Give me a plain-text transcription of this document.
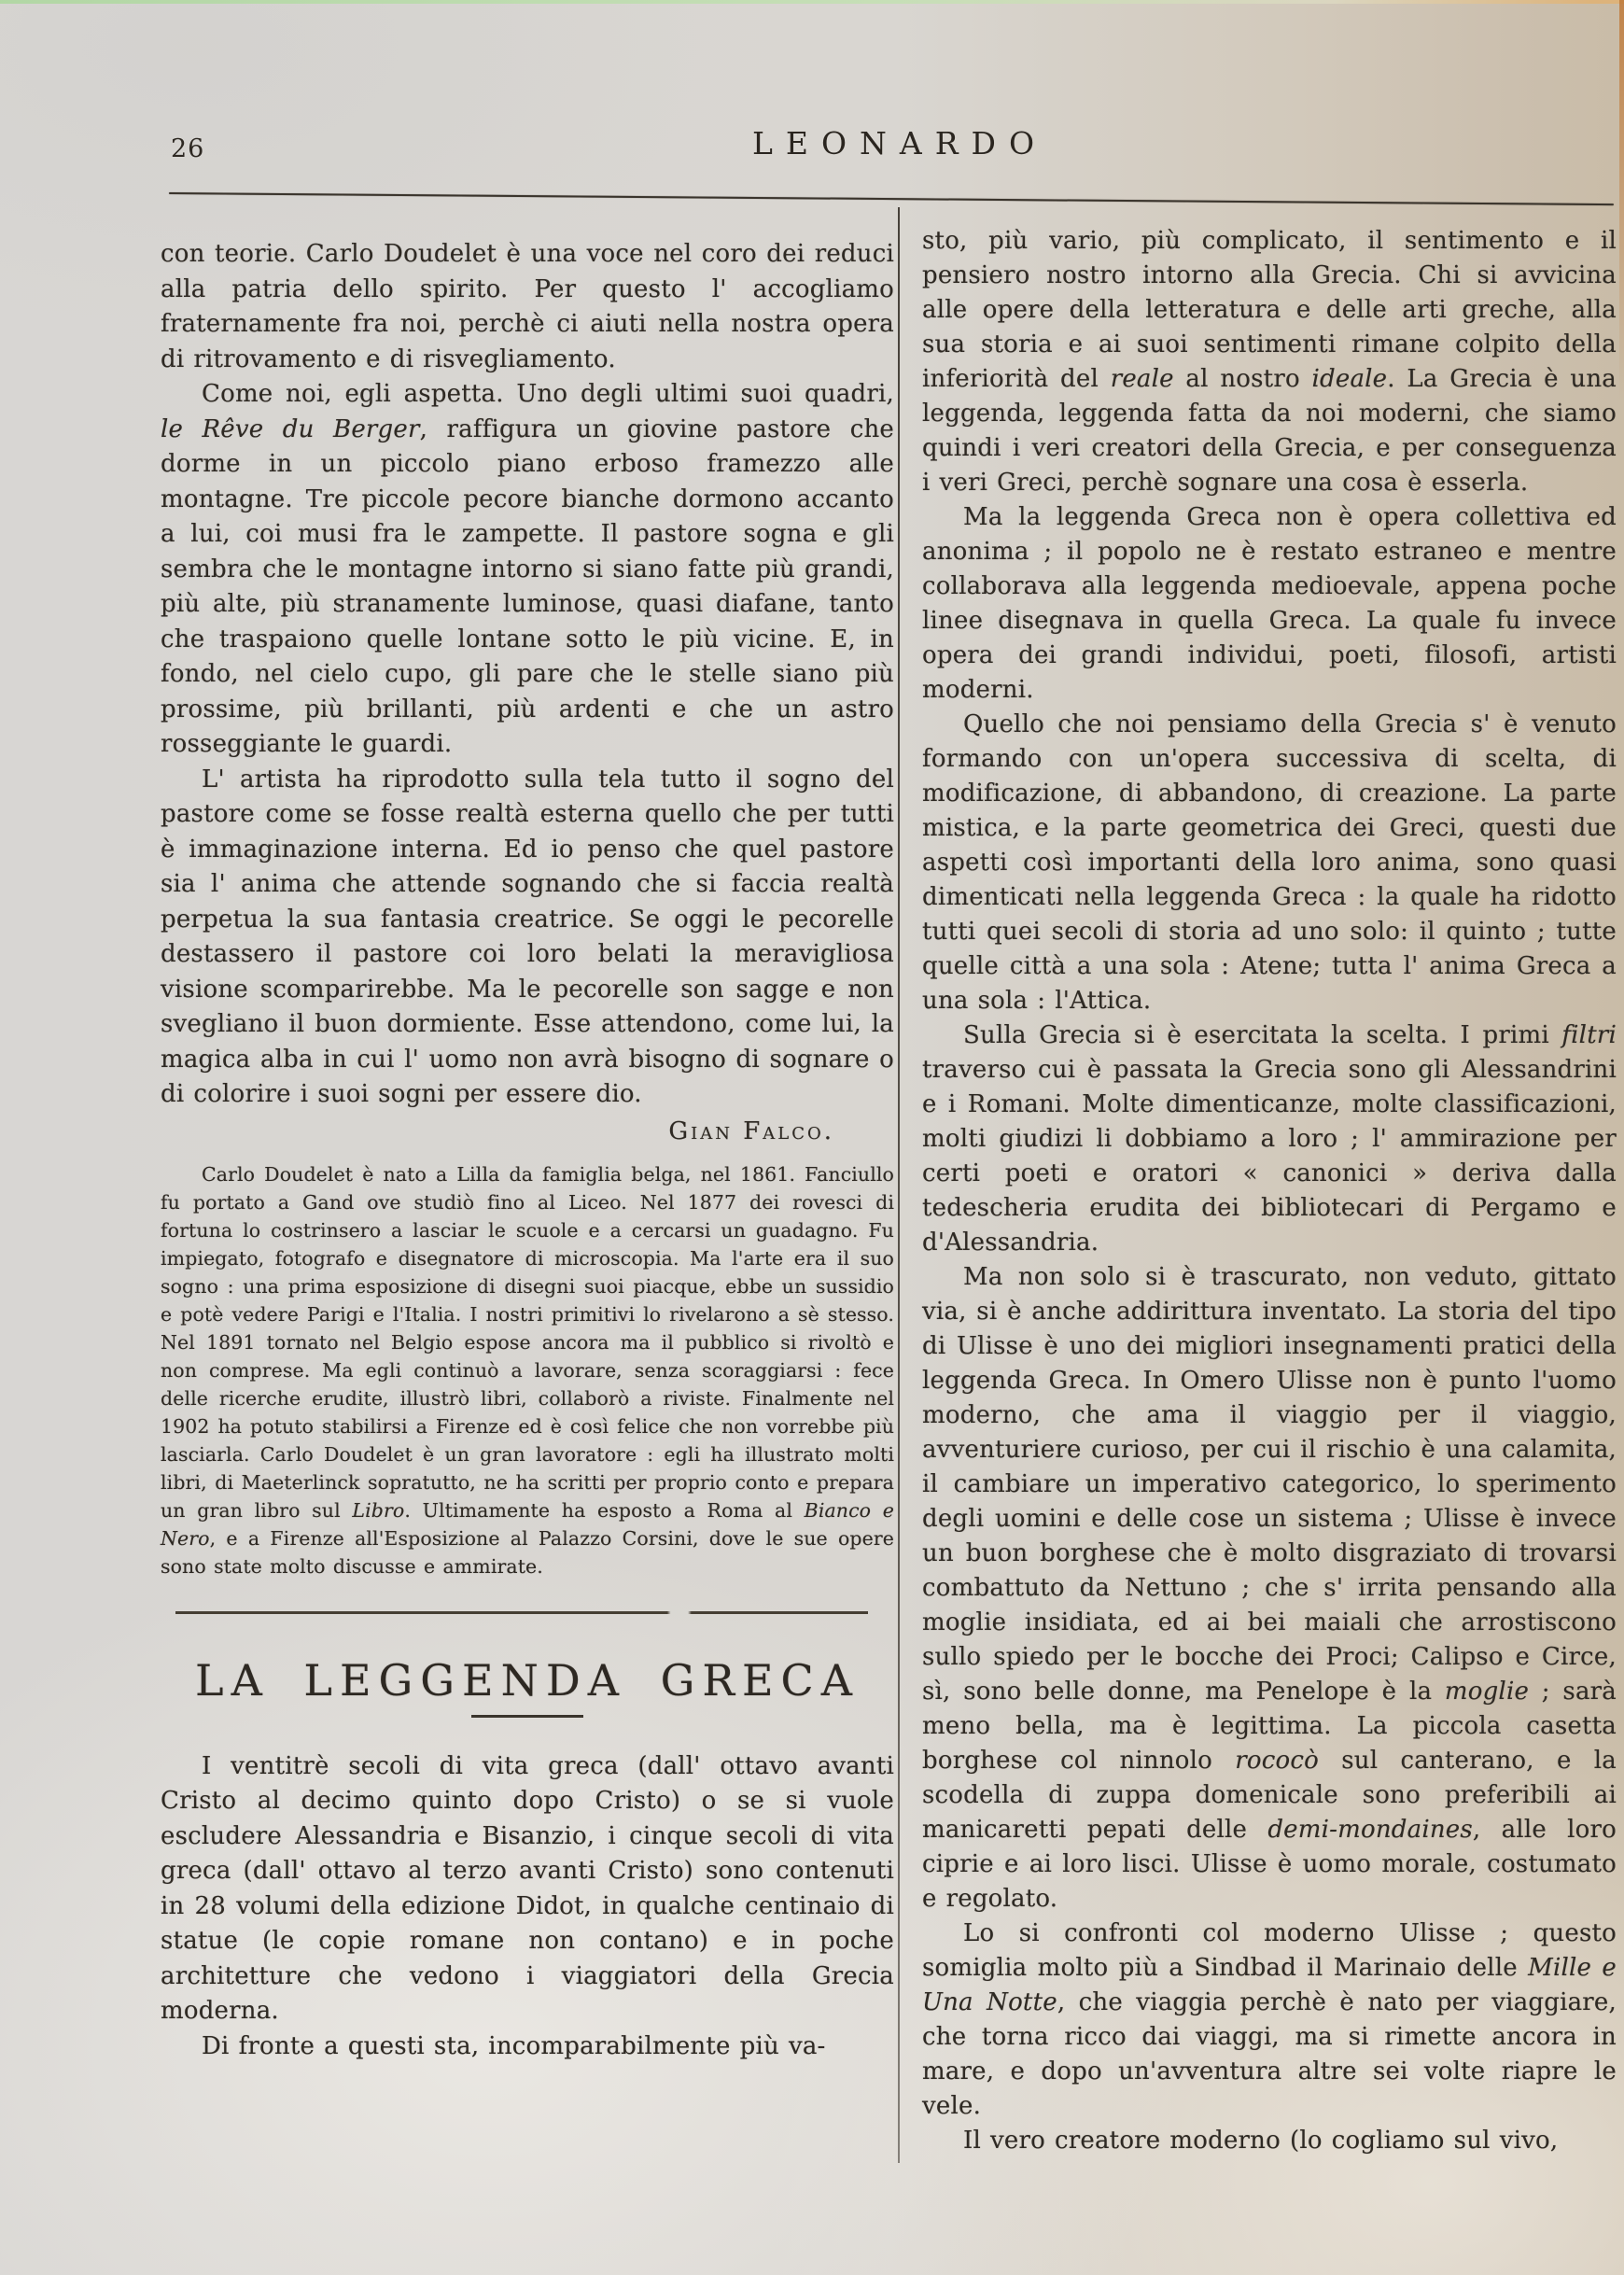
26	LEONARDO

con teorie. Carlo Doudelet è una voce nel coro dei reduci alla patria dello spirito. Per questo l' accogliamo fraternamente fra noi, perchè ci aiuti nella nostra opera di ritrovamento e di risvegliamento.

Come noi, egli aspetta. Uno degli ultimi suoi quadri, le Rêve du Berger, raffigura un giovine pastore che dorme in un piccolo piano erboso framezzo alle montagne. Tre piccole pecore bianche dormono accanto a lui, coi musi fra le zampette. Il pastore sogna e gli sembra che le montagne intorno si siano fatte più grandi, più alte, più stranamente luminose, quasi diafane, tanto che traspaiono quelle lontane sotto le più vicine. E, in fondo, nel cielo cupo, gli pare che le stelle siano più prossime, più brillanti, più ardenti e che un astro rosseggiante le guardi.

L' artista ha riprodotto sulla tela tutto il sogno del pastore come se fosse realtà esterna quello che per tutti è immaginazione interna. Ed io penso che quel pastore sia l' anima che attende sognando che si faccia realtà perpetua la sua fantasia creatrice. Se oggi le pecorelle destassero il pastore coi loro belati la meravigliosa visione scomparirebbe. Ma le pecorelle son sagge e non svegliano il buon dormiente. Esse attendono, come lui, la magica alba in cui l' uomo non avrà bisogno di sognare o di colorire i suoi sogni per essere dio.

Gian Falco.

Carlo Doudelet è nato a Lilla da famiglia belga, nel 1861. Fanciullo fu portato a Gand ove studiò fino al Liceo. Nel 1877 dei rovesci di fortuna lo costrinsero a lasciar le scuole e a cercarsi un guadagno. Fu impiegato, fotografo e disegnatore di microscopia. Ma l'arte era il suo sogno : una prima esposizione di disegni suoi piacque, ebbe un sussidio e potè vedere Parigi e l'Italia. I nostri primitivi lo rivelarono a sè stesso. Nel 1891 tornato nel Belgio espose ancora ma il pubblico si rivoltò e non comprese. Ma egli continuò a lavorare, senza scoraggiarsi : fece delle ricerche erudite, illustrò libri, collaborò a riviste. Finalmente nel 1902 ha potuto stabilirsi a Firenze ed è così felice che non vorrebbe più lasciarla. Carlo Doudelet è un gran lavoratore : egli ha illustrato molti libri, di Maeterlinck sopratutto, ne ha scritti per proprio conto e prepara un gran libro sul Libro. Ultimamente ha esposto a Roma al Bianco e Nero, e a Firenze all'Esposizione al Palazzo Corsini, dove le sue opere sono state molto discusse e ammirate.

LA LEGGENDA GRECA

I ventitrè secoli di vita greca (dall' ottavo avanti Cristo al decimo quinto dopo Cristo) o se si vuole escludere Alessandria e Bisanzio, i cinque secoli di vita greca (dall' ottavo al terzo avanti Cristo) sono contenuti in 28 volumi della edizione Didot, in qualche centinaio di statue (le copie romane non contano) e in poche architetture che vedono i viaggiatori della Grecia moderna.

Di fronte a questi sta, incomparabilmente più va-

sto, più vario, più complicato, il sentimento e il pensiero nostro intorno alla Grecia. Chi si avvicina alle opere della letteratura e delle arti greche, alla sua storia e ai suoi sentimenti rimane colpito della inferiorità del reale al nostro ideale. La Grecia è una leggenda, leggenda fatta da noi moderni, che siamo quindi i veri creatori della Grecia, e per conseguenza i veri Greci, perchè sognare una cosa è esserla.

Ma la leggenda Greca non è opera collettiva ed anonima ; il popolo ne è restato estraneo e mentre collaborava alla leggenda medioevale, appena poche linee disegnava in quella Greca. La quale fu invece opera dei grandi individui, poeti, filosofi, artisti moderni.

Quello che noi pensiamo della Grecia s' è venuto formando con un'opera successiva di scelta, di modificazione, di abbandono, di creazione. La parte mistica, e la parte geometrica dei Greci, questi due aspetti così importanti della loro anima, sono quasi dimenticati nella leggenda Greca : la quale ha ridotto tutti quei secoli di storia ad uno solo: il quinto ; tutte quelle città a una sola : Atene; tutta l' anima Greca a una sola : l'Attica.

Sulla Grecia si è esercitata la scelta. I primi filtri traverso cui è passata la Grecia sono gli Alessandrini e i Romani. Molte dimenticanze, molte classificazioni, molti giudizi li dobbiamo a loro ; l' ammirazione per certi poeti e oratori « canonici » deriva dalla tedescheria erudita dei bibliotecari di Pergamo e d'Alessandria.

Ma non solo si è trascurato, non veduto, gittato via, si è anche addirittura inventato. La storia del tipo di Ulisse è uno dei migliori insegnamenti pratici della leggenda Greca. In Omero Ulisse non è punto l'uomo moderno, che ama il viaggio per il viaggio, avventuriere curioso, per cui il rischio è una calamita, il cambiare un imperativo categorico, lo sperimento degli uomini e delle cose un sistema ; Ulisse è invece un buon borghese che è molto disgraziato di trovarsi combattuto da Nettuno ; che s' irrita pensando alla moglie insidiata, ed ai bei maiali che arrostiscono sullo spiedo per le bocche dei Proci; Calipso e Circe, sì, sono belle donne, ma Penelope è la moglie ; sarà meno bella, ma è legittima. La piccola casetta borghese col ninnolo rococò sul canterano, e la scodella di zuppa domenicale sono preferibili ai manicaretti pepati delle demi-mondaines, alle loro ciprie e ai loro lisci. Ulisse è uomo morale, costumato e regolato.

Lo si confronti col moderno Ulisse ; questo somiglia molto più a Sindbad il Marinaio delle Mille e Una Notte, che viaggia perchè è nato per viaggiare, che torna ricco dai viaggi, ma si rimette ancora in mare, e dopo un'avventura altre sei volte riapre le vele.

Il vero creatore moderno (lo cogliamo sul vivo,
